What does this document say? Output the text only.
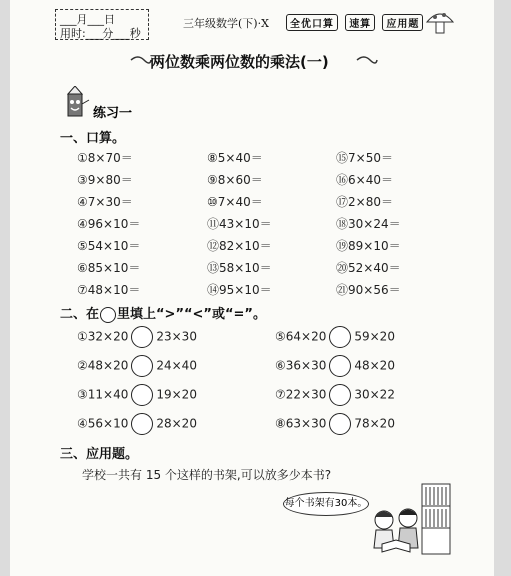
___月___日
用时:___分___秒
三年级数学(下)·X	全优口算 速算 应用题
两位数乘两位数的乘法(一)
练习一
一、口算。
①8×70＝	⑧5×40＝	⑮7×50＝
③9×80＝	⑨8×60＝	⑯6×40＝
④7×30＝	⑩7×40＝	⑰2×80＝
④96×10＝	⑪43×10＝	⑱30×24＝
⑤54×10＝	⑫82×10＝	⑲89×10＝
⑥85×10＝	⑬58×10＝	⑳52×40＝
⑦48×10＝	⑭95×10＝	㉑90×56＝
二、在 里填上“>”“<”或“=”。
①32×20 23×30	⑤64×20 59×20
②48×20 24×40	⑥36×30 48×20
③11×40 19×20	⑦22×30 30×22
④56×10 28×20	⑧63×30 78×20
三、应用题。
学校一共有 15 个这样的书架,可以放多少本书?
每个书架有30本。
